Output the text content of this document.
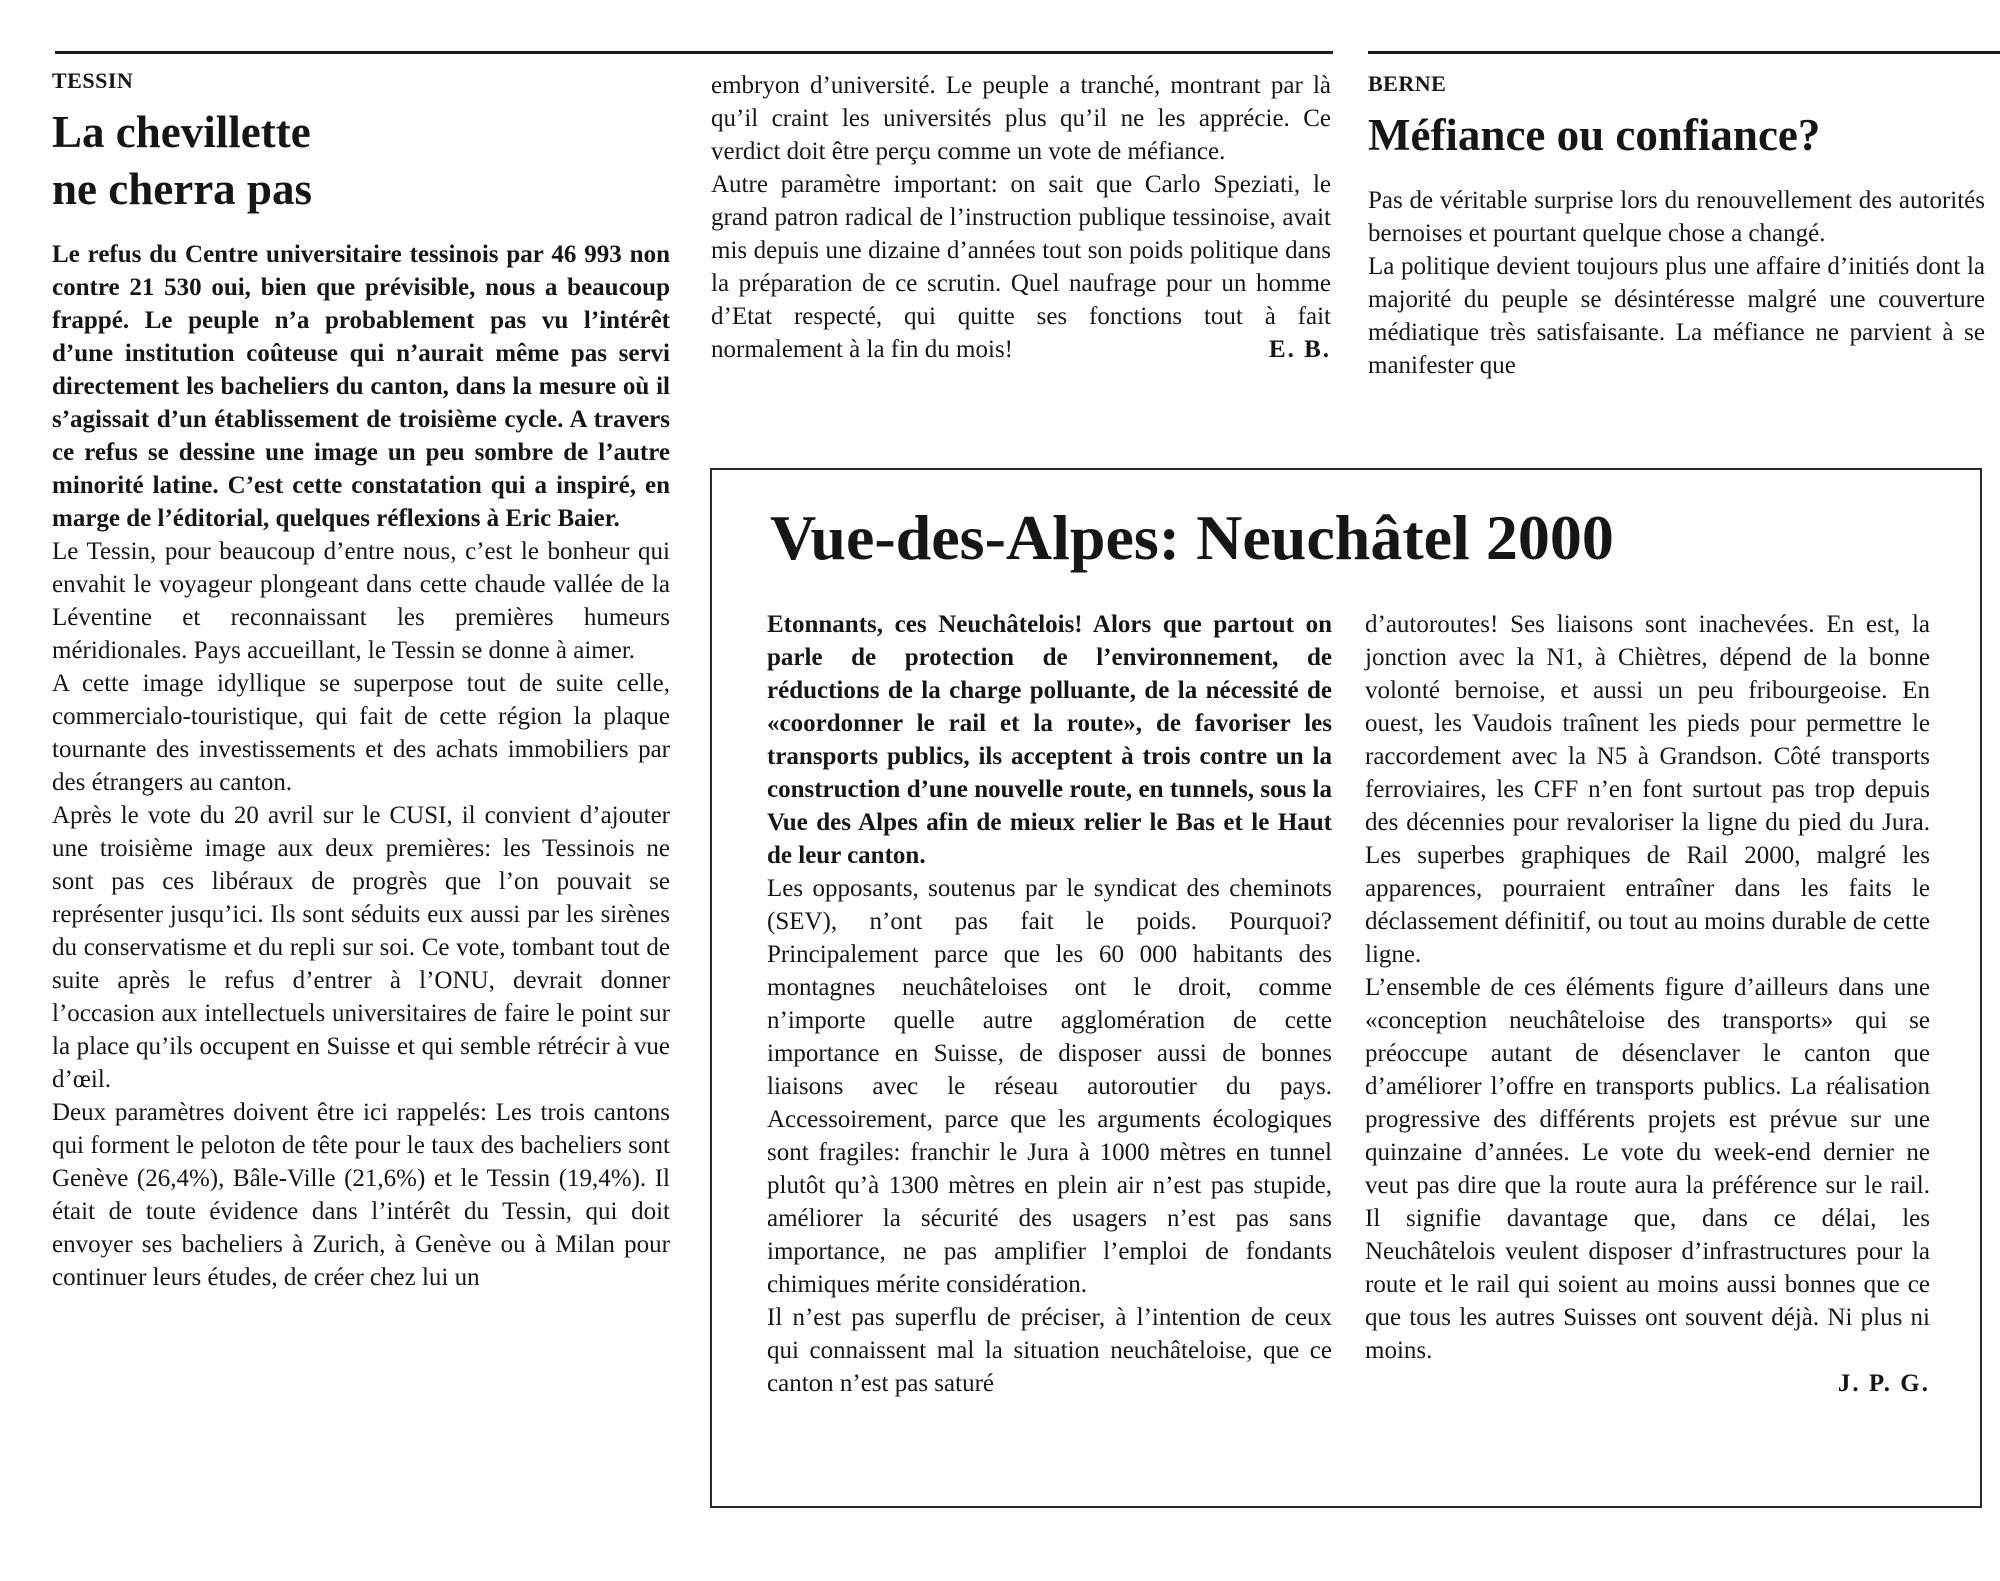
TESSIN
La chevillette
ne cherra pas

Le refus du Centre universitaire tessinois par 46 993 non contre 21 530 oui, bien que prévisible, nous a beaucoup frappé. Le peuple n’a probablement pas vu l’intérêt d’une institution coûteuse qui n’aurait même pas servi directement les bacheliers du canton, dans la mesure où il s’agissait d’un établissement de troisième cycle. A travers ce refus se dessine une image un peu sombre de l’autre minorité latine. C’est cette constatation qui a inspiré, en marge de l’éditorial, quelques réflexions à Eric Baier.

Le Tessin, pour beaucoup d’entre nous, c’est le bonheur qui envahit le voyageur plongeant dans cette chaude vallée de la Léventine et reconnaissant les premières humeurs méridionales. Pays accueillant, le Tessin se donne à aimer.

A cette image idyllique se superpose tout de suite celle, commercialo-touristique, qui fait de cette région la plaque tournante des investissements et des achats immobiliers par des étrangers au canton.

Après le vote du 20 avril sur le CUSI, il convient d’ajouter une troisième image aux deux premières: les Tessinois ne sont pas ces libéraux de progrès que l’on pouvait se représenter jusqu’ici. Ils sont séduits eux aussi par les sirènes du conservatisme et du repli sur soi. Ce vote, tombant tout de suite après le refus d’entrer à l’ONU, devrait donner l’occasion aux intellectuels universitaires de faire le point sur la place qu’ils occupent en Suisse et qui semble rétrécir à vue d’œil.

Deux paramètres doivent être ici rappelés: Les trois cantons qui forment le peloton de tête pour le taux des bacheliers sont Genève (26,4%), Bâle-Ville (21,6%) et le Tessin (19,4%). Il était de toute évidence dans l’intérêt du Tessin, qui doit envoyer ses bacheliers à Zurich, à Genève ou à Milan pour continuer leurs études, de créer chez lui un

embryon d’université. Le peuple a tranché, montrant par là qu’il craint les universités plus qu’il ne les apprécie. Ce verdict doit être perçu comme un vote de méfiance.

Autre paramètre important: on sait que Carlo Speziati, le grand patron radical de l’instruction publique tessinoise, avait mis depuis une dizaine d’années tout son poids politique dans la préparation de ce scrutin. Quel naufrage pour un homme d’Etat respecté, qui quitte ses fonctions tout à fait normalement à la fin du mois!	E. B.

BERNE
Méfiance ou confiance?

Pas de véritable surprise lors du renouvellement des autorités bernoises et pourtant quelque chose a changé.

La politique devient toujours plus une affaire d’initiés dont la majorité du peuple se désintéresse malgré une couverture médiatique très satisfaisante. La méfiance ne parvient à se manifester que

Vue-des-Alpes: Neuchâtel 2000

Etonnants, ces Neuchâtelois! Alors que partout on parle de protection de l’environnement, de réductions de la charge polluante, de la nécessité de «coordonner le rail et la route», de favoriser les transports publics, ils acceptent à trois contre un la construction d’une nouvelle route, en tunnels, sous la Vue des Alpes afin de mieux relier le Bas et le Haut de leur canton.

Les opposants, soutenus par le syndicat des cheminots (SEV), n’ont pas fait le poids. Pourquoi? Principalement parce que les 60 000 habitants des montagnes neuchâteloises ont le droit, comme n’importe quelle autre agglomération de cette importance en Suisse, de disposer aussi de bonnes liaisons avec le réseau autoroutier du pays. Accessoirement, parce que les arguments écologiques sont fragiles: franchir le Jura à 1000 mètres en tunnel plutôt qu’à 1300 mètres en plein air n’est pas stupide, améliorer la sécurité des usagers n’est pas sans importance, ne pas amplifier l’emploi de fondants chimiques mérite considération.

Il n’est pas superflu de préciser, à l’intention de ceux qui connaissent mal la situation neuchâteloise, que ce canton n’est pas saturé

d’autoroutes! Ses liaisons sont inachevées. En est, la jonction avec la N1, à Chiètres, dépend de la bonne volonté bernoise, et aussi un peu fribourgeoise. En ouest, les Vaudois traînent les pieds pour permettre le raccordement avec la N5 à Grandson. Côté transports ferroviaires, les CFF n’en font surtout pas trop depuis des décennies pour revaloriser la ligne du pied du Jura. Les superbes graphiques de Rail 2000, malgré les apparences, pourraient entraîner dans les faits le déclassement définitif, ou tout au moins durable de cette ligne.

L’ensemble de ces éléments figure d’ailleurs dans une «conception neuchâteloise des transports» qui se préoccupe autant de désenclaver le canton que d’améliorer l’offre en transports publics. La réalisation progressive des différents projets est prévue sur une quinzaine d’années. Le vote du week-end dernier ne veut pas dire que la route aura la préférence sur le rail. Il signifie davantage que, dans ce délai, les Neuchâtelois veulent disposer d’infrastructures pour la route et le rail qui soient au moins aussi bonnes que ce que tous les autres Suisses ont souvent déjà. Ni plus ni moins.

J. P. G.
